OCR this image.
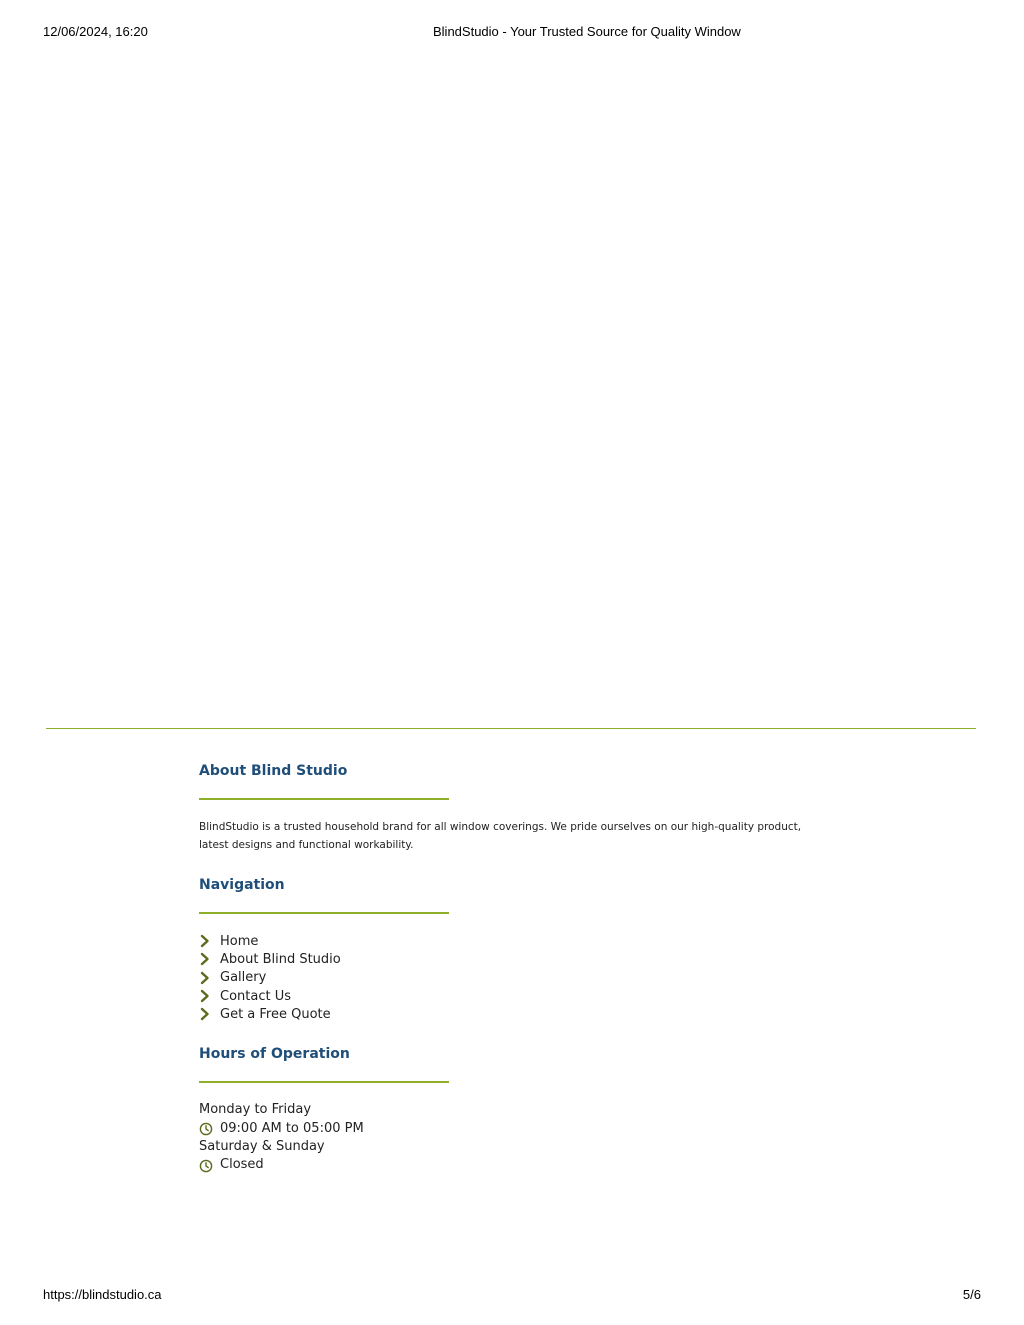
12/06/2024, 16:20	BlindStudio - Your Trusted Source for Quality Window
About Blind Studio
BlindStudio is a trusted household brand for all window coverings. We pride ourselves on our high-quality product, latest designs and functional workability.
Navigation
Home
About Blind Studio
Gallery
Contact Us
Get a Free Quote
Hours of Operation
Monday to Friday
09:00 AM to 05:00 PM
Saturday & Sunday
Closed
https://blindstudio.ca	5/6
